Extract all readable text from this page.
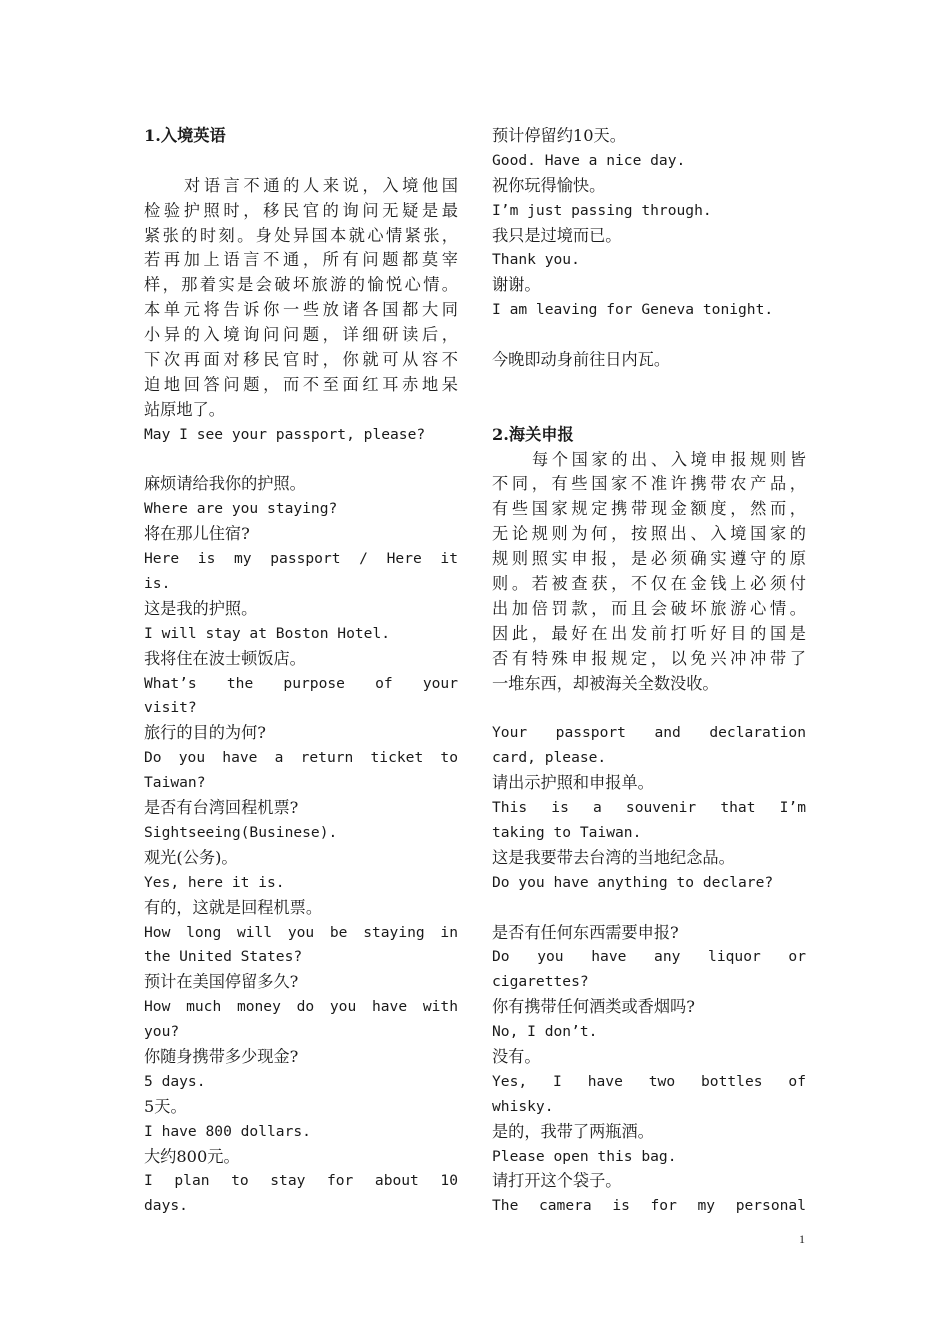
1.入境英语
对语言不通的人来说，入境他国
检验护照时，移民官的询问无疑是最
紧张的时刻。身处异国本就心情紧张，
若再加上语言不通，所有问题都莫宰
样，那着实是会破坏旅游的愉悦心情。
本单元将告诉你一些放诸各国都大同
小异的入境询问问题，详细研读后，
下次再面对移民官时，你就可从容不
迫地回答问题，而不至面红耳赤地呆
站原地了。
May I see your passport, please?
麻烦请给我你的护照。
Where are you staying?
将在那儿住宿?
Here is my passport / Here it
is.
这是我的护照。
I will stay at Boston Hotel.
我将住在波士顿饭店。
What’s the purpose of your
visit?
旅行的目的为何?
Do you have a return ticket to
Taiwan?
是否有台湾回程机票?
Sightseeing(Businese).
观光(公务)。
Yes, here it is.
有的，这就是回程机票。
How long will you be staying in
the United States?
预计在美国停留多久?
How much money do you have with
you?
你随身携带多少现金?
5 days.
5天。
I have 800 dollars.
大约800元。
I plan to stay for about 10
days.
预计停留约10天。
Good. Have a nice day.
祝你玩得愉快。
I’m just passing through.
我只是过境而已。
Thank you.
谢谢。
I am leaving for Geneva tonight.
今晚即动身前往日内瓦。
2.海关申报
每个国家的出、入境申报规则皆
不同，有些国家不准许携带农产品，
有些国家规定携带现金额度，然而，
无论规则为何，按照出、入境国家的
规则照实申报，是必须确实遵守的原
则。若被查获，不仅在金钱上必须付
出加倍罚款，而且会破坏旅游心情。
因此，最好在出发前打听好目的国是
否有特殊申报规定，以免兴冲冲带了
一堆东西，却被海关全数没收。
Your passport and declaration
card, please.
请出示护照和申报单。
This is a souvenir that I’m
taking to Taiwan.
这是我要带去台湾的当地纪念品。
Do you have anything to declare?
是否有任何东西需要申报?
Do you have any liquor or
cigarettes?
你有携带任何酒类或香烟吗?
No, I don’t.
没有。
Yes, I have two bottles of
whisky.
是的，我带了两瓶酒。
Please open this bag.
请打开这个袋子。
The camera is for my personal
1
